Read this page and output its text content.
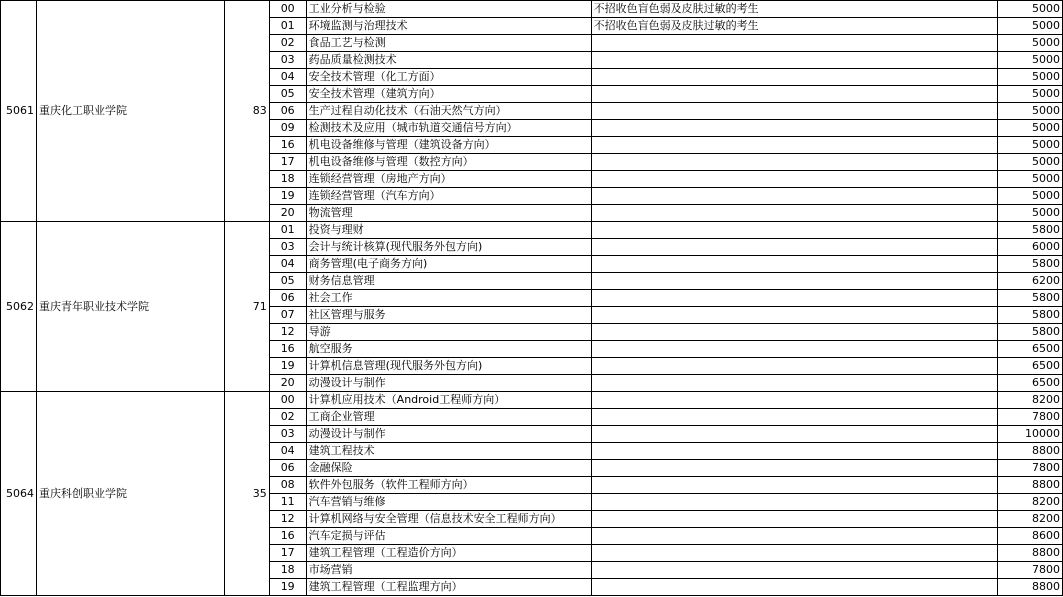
5061	重庆化工职业学院	83	00	工业分析与检验	不招收色盲色弱及皮肤过敏的考生	5000
			01	环境监测与治理技术	不招收色盲色弱及皮肤过敏的考生	5000
			02	食品工艺与检测		5000
			03	药品质量检测技术		5000
			04	安全技术管理（化工方面）		5000
			05	安全技术管理（建筑方向）		5000
			06	生产过程自动化技术（石油天然气方向）		5000
			09	检测技术及应用（城市轨道交通信号方向）		5000
			16	机电设备维修与管理（建筑设备方向）		5000
			17	机电设备维修与管理（数控方向）		5000
			18	连锁经营管理（房地产方向）		5000
			19	连锁经营管理（汽车方向）		5000
			20	物流管理		5000
5062	重庆青年职业技术学院	71	01	投资与理财		5800
			03	会计与统计核算(现代服务外包方向)		6000
			04	商务管理(电子商务方向)		5800
			05	财务信息管理		6200
			06	社会工作		5800
			07	社区管理与服务		5800
			12	导游		5800
			16	航空服务		6500
			19	计算机信息管理(现代服务外包方向)		6500
			20	动漫设计与制作		6500
5064	重庆科创职业学院	35	00	计算机应用技术（Android工程师方向）		8200
			02	工商企业管理		7800
			03	动漫设计与制作		10000
			04	建筑工程技术		8800
			06	金融保险		7800
			08	软件外包服务（软件工程师方向）		8800
			11	汽车营销与维修		8200
			12	计算机网络与安全管理（信息技术安全工程师方向）		8200
			16	汽车定损与评估		8600
			17	建筑工程管理（工程造价方向）		8800
			18	市场营销		7800
			19	建筑工程管理（工程监理方向）		8800
